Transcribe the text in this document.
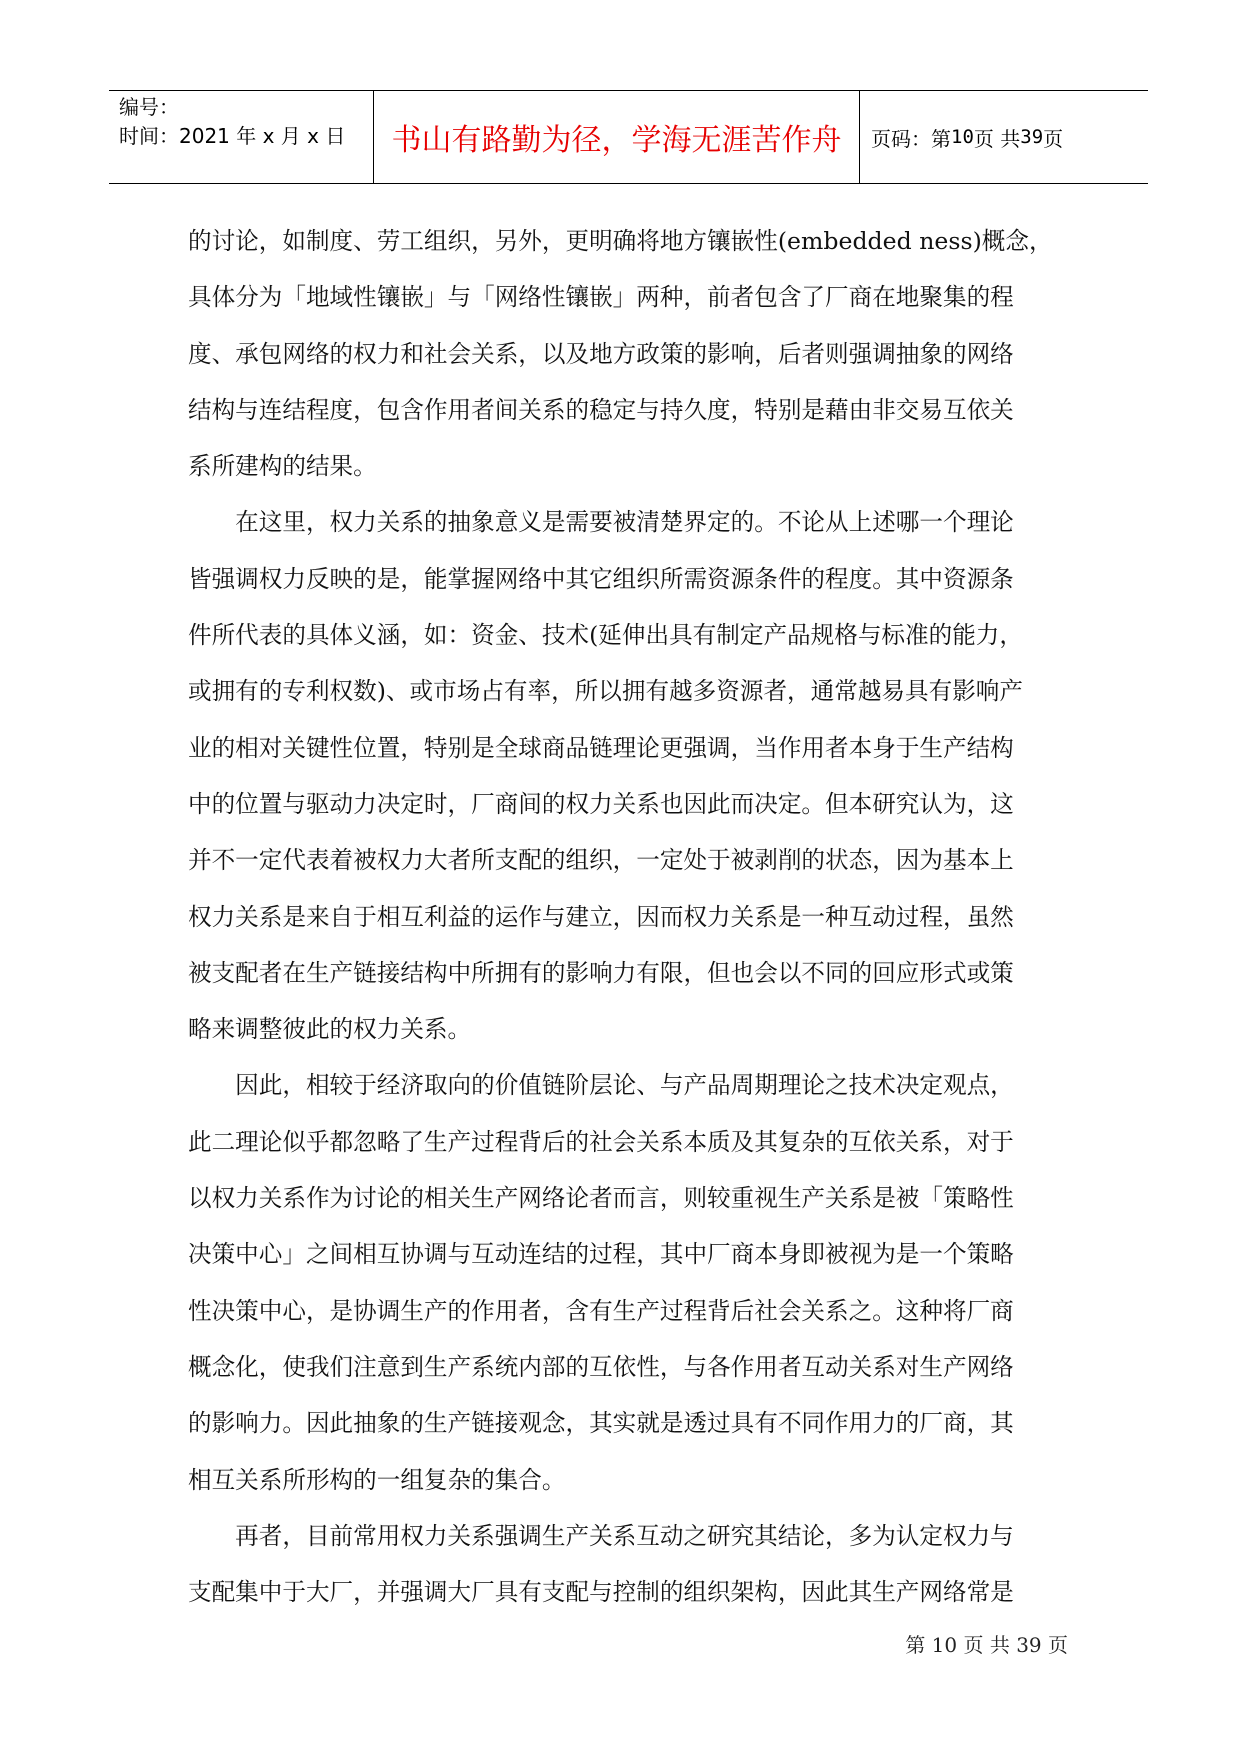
编号：
时间：2021 年 x 月 x 日	书山有路勤为径，学海无涯苦作舟	页码：第 10 页 共 39 页
的讨论，如制度、劳工组织，另外，更明确将地方镶嵌性(embedded ness)概念，
具体分为「地域性镶嵌」与「网络性镶嵌」两种，前者包含了厂商在地聚集的程
度、承包网络的权力和社会关系，以及地方政策的影响，后者则强调抽象的网络
结构与连结程度，包含作用者间关系的稳定与持久度，特别是藉由非交易互依关
系所建构的结果。
　　在这里，权力关系的抽象意义是需要被清楚界定的。不论从上述哪一个理论
皆强调权力反映的是，能掌握网络中其它组织所需资源条件的程度。其中资源条
件所代表的具体义涵，如：资金、技术(延伸出具有制定产品规格与标准的能力，
或拥有的专利权数)、或市场占有率，所以拥有越多资源者，通常越易具有影响产
业的相对关键性位置，特别是全球商品链理论更强调，当作用者本身于生产结构
中的位置与驱动力决定时，厂商间的权力关系也因此而决定。但本研究认为，这
并不一定代表着被权力大者所支配的组织，一定处于被剥削的状态，因为基本上
权力关系是来自于相互利益的运作与建立，因而权力关系是一种互动过程，虽然
被支配者在生产链接结构中所拥有的影响力有限，但也会以不同的回应形式或策
略来调整彼此的权力关系。
　　因此，相较于经济取向的价值链阶层论、与产品周期理论之技术决定观点，
此二理论似乎都忽略了生产过程背后的社会关系本质及其复杂的互依关系，对于
以权力关系作为讨论的相关生产网络论者而言，则较重视生产关系是被「策略性
决策中心」之间相互协调与互动连结的过程，其中厂商本身即被视为是一个策略
性决策中心，是协调生产的作用者，含有生产过程背后社会关系之。这种将厂商
概念化，使我们注意到生产系统内部的互依性，与各作用者互动关系对生产网络
的影响力。因此抽象的生产链接观念，其实就是透过具有不同作用力的厂商，其
相互关系所形构的一组复杂的集合。
　　再者，目前常用权力关系强调生产关系互动之研究其结论，多为认定权力与
支配集中于大厂，并强调大厂具有支配与控制的组织架构，因此其生产网络常是
第 10 页 共 39 页
